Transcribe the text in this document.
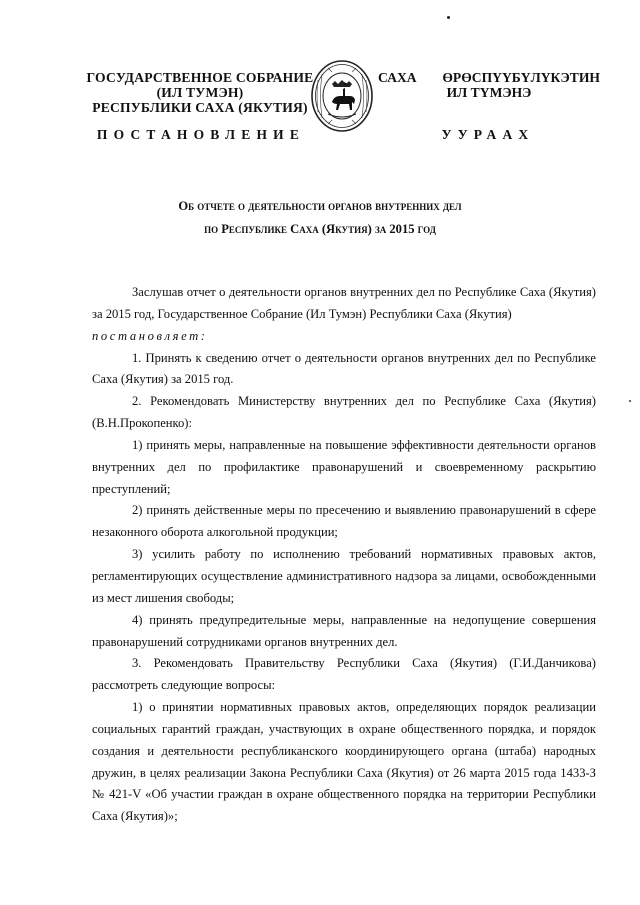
ГОСУДАРСТВЕННОЕ СОБРАНИЕ
(ИЛ ТУМЭН)
РЕСПУБЛИКИ САХА (ЯКУТИЯ)
САХА ӨРӨСПҮҮБҮЛҮКЭТИН
ИЛ ТҮМЭНЭ
ПОСТАНОВЛЕНИЕ	УУРААХ
Об отчете о деятельности органов внутренних дел
по Республике Саха (Якутия) за 2015 год

Заслушав отчет о деятельности органов внутренних дел по Республике Саха (Якутия) за 2015 год, Государственное Собрание (Ил Тумэн) Республики Саха (Якутия)

постановляет:

1. Принять к сведению отчет о деятельности органов внутренних дел по Республике Саха (Якутия) за 2015 год.

2. Рекомендовать Министерству внутренних дел по Республике Саха (Якутия) (В.Н.Прокопенко):

1) принять меры, направленные на повышение эффективности деятельности органов внутренних дел по профилактике правонарушений и своевременному раскрытию преступлений;

2) принять действенные меры по пресечению и выявлению правонарушений в сфере незаконного оборота алкогольной продукции;

3) усилить работу по исполнению требований нормативных правовых актов, регламентирующих осуществление административного надзора за лицами, освобожденными из мест лишения свободы;

4) принять предупредительные меры, направленные на недопущение совершения правонарушений сотрудниками органов внутренних дел.

3. Рекомендовать Правительству Республики Саха (Якутия) (Г.И.Данчикова) рассмотреть следующие вопросы:

1) о принятии нормативных правовых актов, определяющих порядок реализации социальных гарантий граждан, участвующих в охране общественного порядка, и порядок создания и деятельности республиканского координирующего органа (штаба) народных дружин, в целях реализации Закона Республики Саха (Якутия) от 26 марта 2015 года 1433-З № 421-V «Об участии граждан в охране общественного порядка на территории Республики Саха (Якутия)»;
